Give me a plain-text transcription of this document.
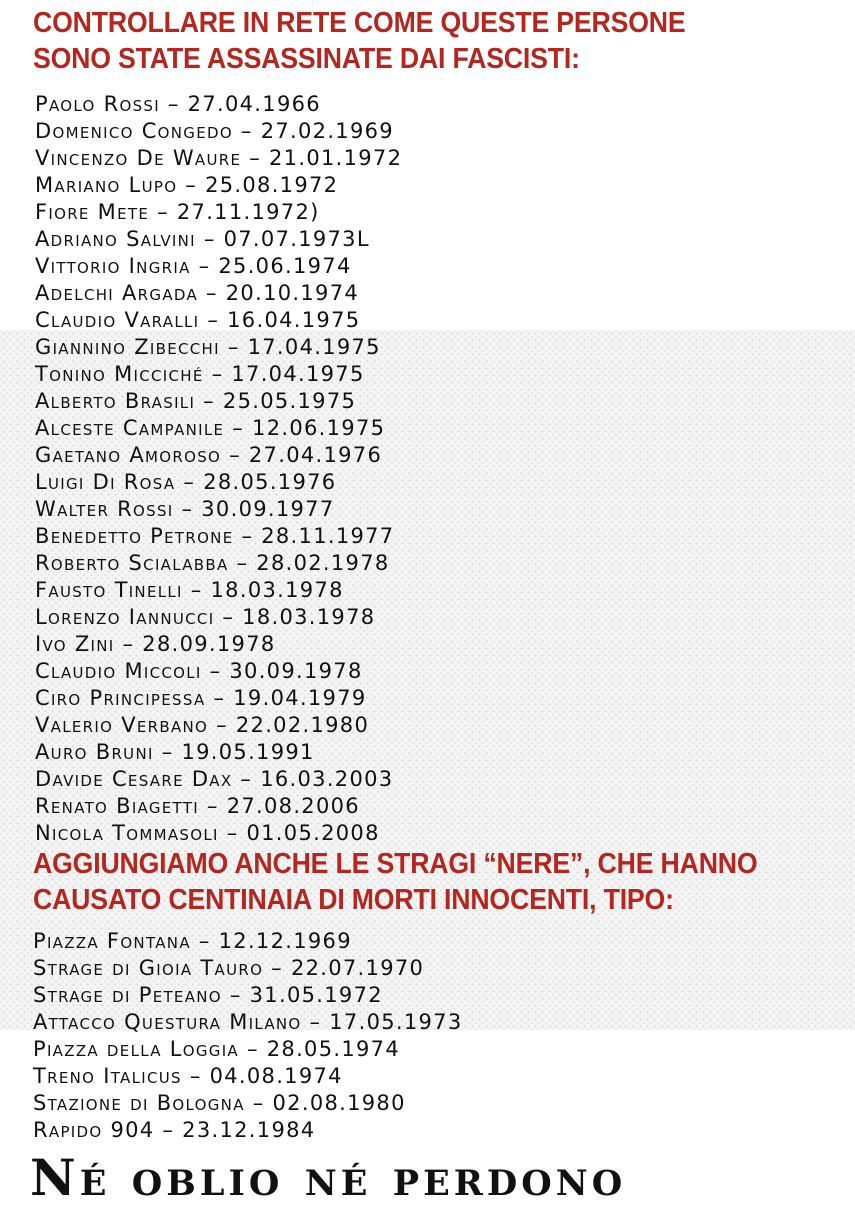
CONTROLLARE IN RETE COME QUESTE PERSONE
SONO STATE ASSASSINATE DAI FASCISTI:
Paolo Rossi – 27.04.1966
Domenico Congedo – 27.02.1969
Vincenzo De Waure – 21.01.1972
Mariano Lupo – 25.08.1972
Fiore Mete – 27.11.1972)
Adriano Salvini – 07.07.1973L
Vittorio Ingria – 25.06.1974
Adelchi Argada – 20.10.1974
Claudio Varalli – 16.04.1975
Giannino Zibecchi – 17.04.1975
Tonino Micciché – 17.04.1975
Alberto Brasili – 25.05.1975
Alceste Campanile – 12.06.1975
Gaetano Amoroso – 27.04.1976
Luigi Di Rosa – 28.05.1976
Walter Rossi – 30.09.1977
Benedetto Petrone – 28.11.1977
Roberto Scialabba – 28.02.1978
Fausto Tinelli – 18.03.1978
Lorenzo Iannucci – 18.03.1978
Ivo Zini – 28.09.1978
Claudio Miccoli – 30.09.1978
Ciro Principessa – 19.04.1979
Valerio Verbano – 22.02.1980
Auro Bruni – 19.05.1991
Davide Cesare Dax – 16.03.2003
Renato Biagetti – 27.08.2006
Nicola Tommasoli – 01.05.2008
AGGIUNGIAMO ANCHE LE STRAGI “NERE”, CHE HANNO
CAUSATO CENTINAIA DI MORTI INNOCENTI, TIPO:
Piazza Fontana – 12.12.1969
Strage di Gioia Tauro – 22.07.1970
Strage di Peteano – 31.05.1972
Attacco Questura Milano – 17.05.1973
Piazza della Loggia – 28.05.1974
Treno Italicus – 04.08.1974
Stazione di Bologna – 02.08.1980
Rapido 904 – 23.12.1984
Né oblio né perdono
